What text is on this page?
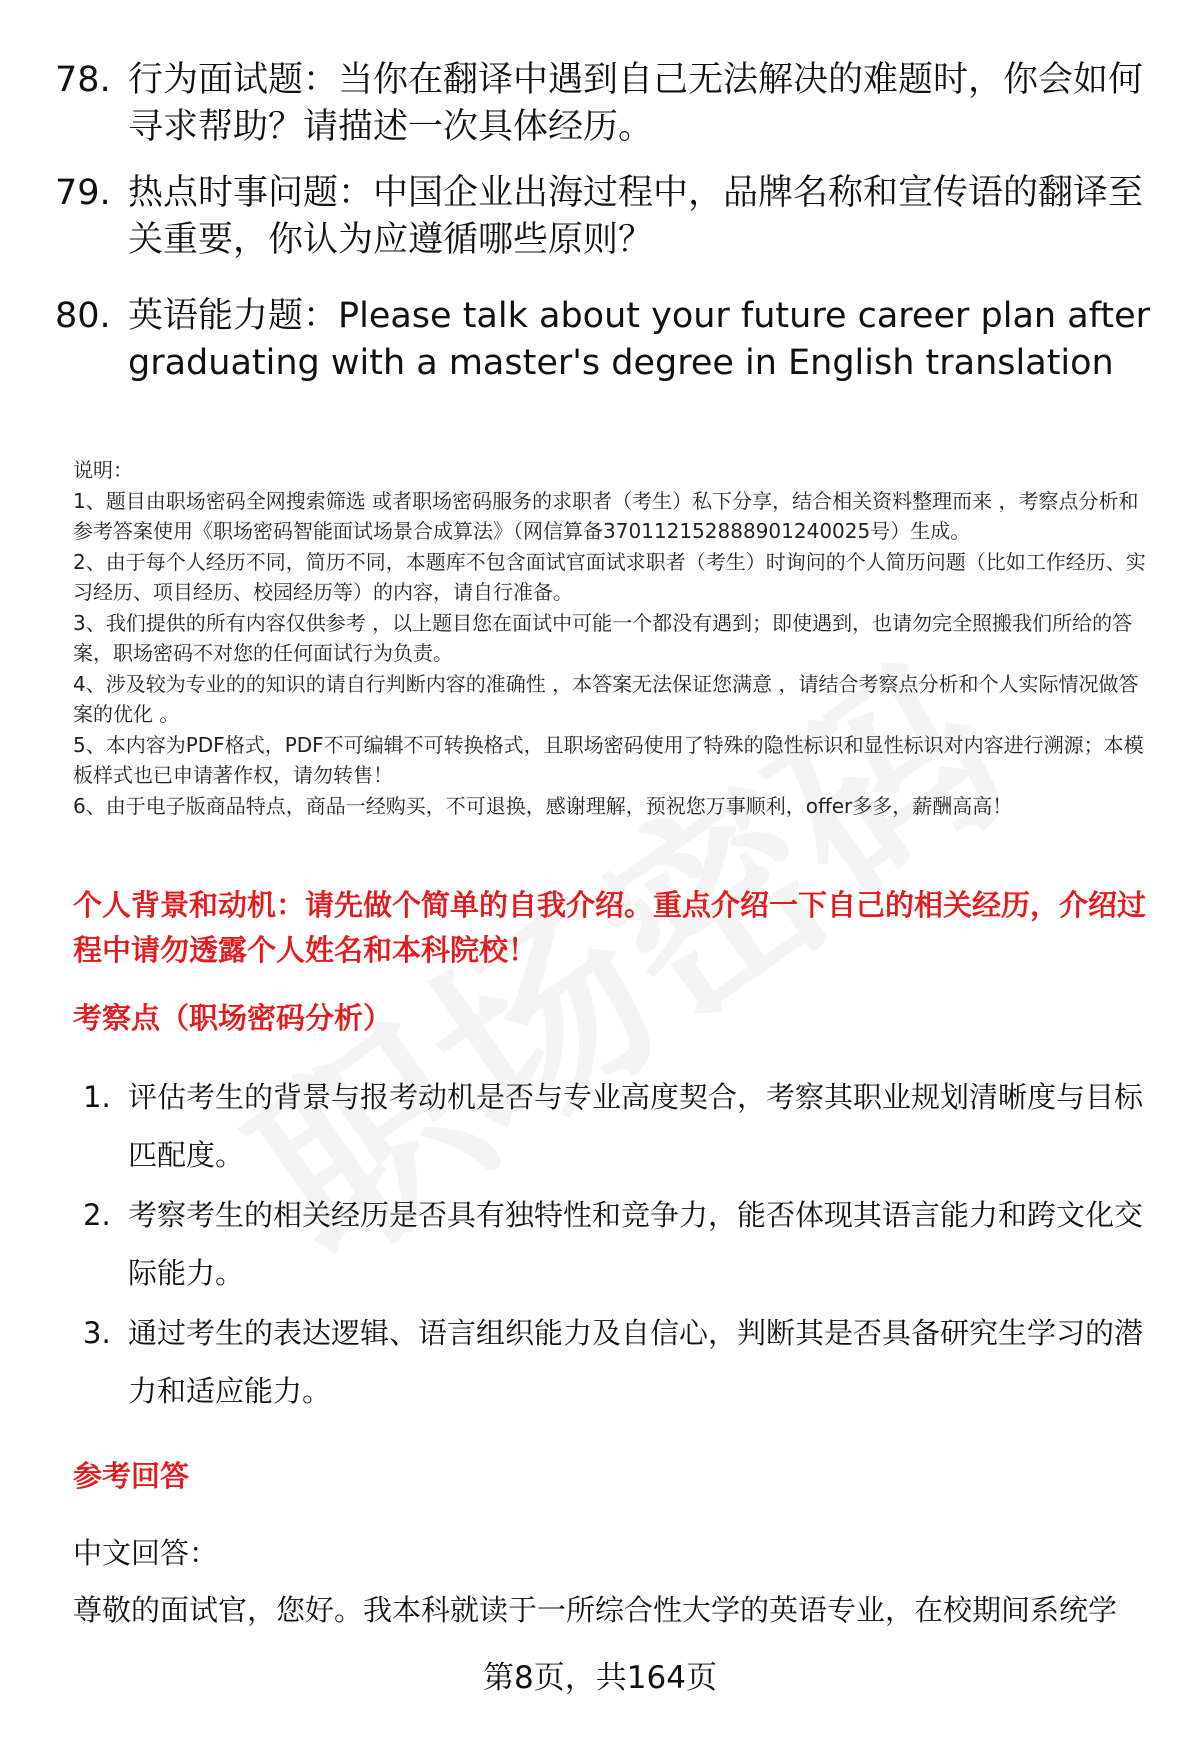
78. 行为面试题：当你在翻译中遇到自己无法解决的难题时，你会如何寻求帮助？请描述一次具体经历。
79. 热点时事问题：中国企业出海过程中，品牌名称和宣传语的翻译至关重要，你认为应遵循哪些原则？
80. 英语能力题：Please talk about your future career plan after graduating with a master's degree in English translation

说明：

1、题目由职场密码全网搜索筛选 或者职场密码服务的求职者（考生）私下分享，结合相关资料整理而来 ，考察点分析和参考答案使用《职场密码智能面试场景合成算法》（网信算备370112152888901240025号）生成。

2、由于每个人经历不同，简历不同，本题库不包含面试官面试求职者（考生）时询问的个人简历问题（比如工作经历、实习经历、项目经历、校园经历等）的内容，请自行准备。

3、我们提供的所有内容仅供参考 ，以上题目您在面试中可能一个都没有遇到；即使遇到，也请勿完全照搬我们所给的答案，职场密码不对您的任何面试行为负责。

4、涉及较为专业的的知识的请自行判断内容的准确性 ，本答案无法保证您满意 ，请结合考察点分析和个人实际情况做答案的优化 。

5、本内容为PDF格式，PDF不可编辑不可转换格式，且职场密码使用了特殊的隐性标识和显性标识对内容进行溯源；本模板样式也已申请著作权，请勿转售！

6、由于电子版商品特点，商品一经购买，不可退换，感谢理解，预祝您万事顺利，offer多多，薪酬高高！

个人背景和动机：请先做个简单的自我介绍。重点介绍一下自己的相关经历，介绍过程中请勿透露个人姓名和本科院校！
考察点（职场密码分析）
1. 评估考生的背景与报考动机是否与专业高度契合，考察其职业规划清晰度与目标匹配度。
2. 考察考生的相关经历是否具有独特性和竞争力，能否体现其语言能力和跨文化交际能力。
3. 通过考生的表达逻辑、语言组织能力及自信心，判断其是否具备研究生学习的潜力和适应能力。
参考回答
中文回答：
尊敬的面试官，您好。我本科就读于一所综合性大学的英语专业，在校期间系统学
第8页，共164页
